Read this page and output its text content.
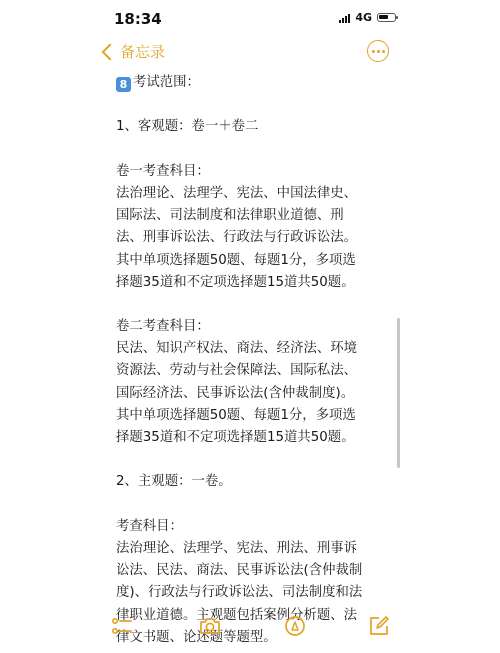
18:34	4G
备忘录
8 考试范围：
1、客观题：卷一＋卷二
卷一考查科目：
法治理论、法理学、宪法、中国法律史、
国际法、司法制度和法律职业道德、刑
法、刑事诉讼法、行政法与行政诉讼法。
其中单项选择题50题、每题1分，多项选
择题35道和不定项选择题15道共50题。
卷二考查科目：
民法、知识产权法、商法、经济法、环境
资源法、劳动与社会保障法、国际私法、
国际经济法、民事诉讼法(含仲裁制度)。
其中单项选择题50题、每题1分，多项选
择题35道和不定项选择题15道共50题。
2、主观题：一卷。
考查科目：
法治理论、法理学、宪法、刑法、刑事诉
讼法、民法、商法、民事诉讼法(含仲裁制
度)、行政法与行政诉讼法、司法制度和法
律职业道德。主观题包括案例分析题、法
律文书题、论述题等题型。
